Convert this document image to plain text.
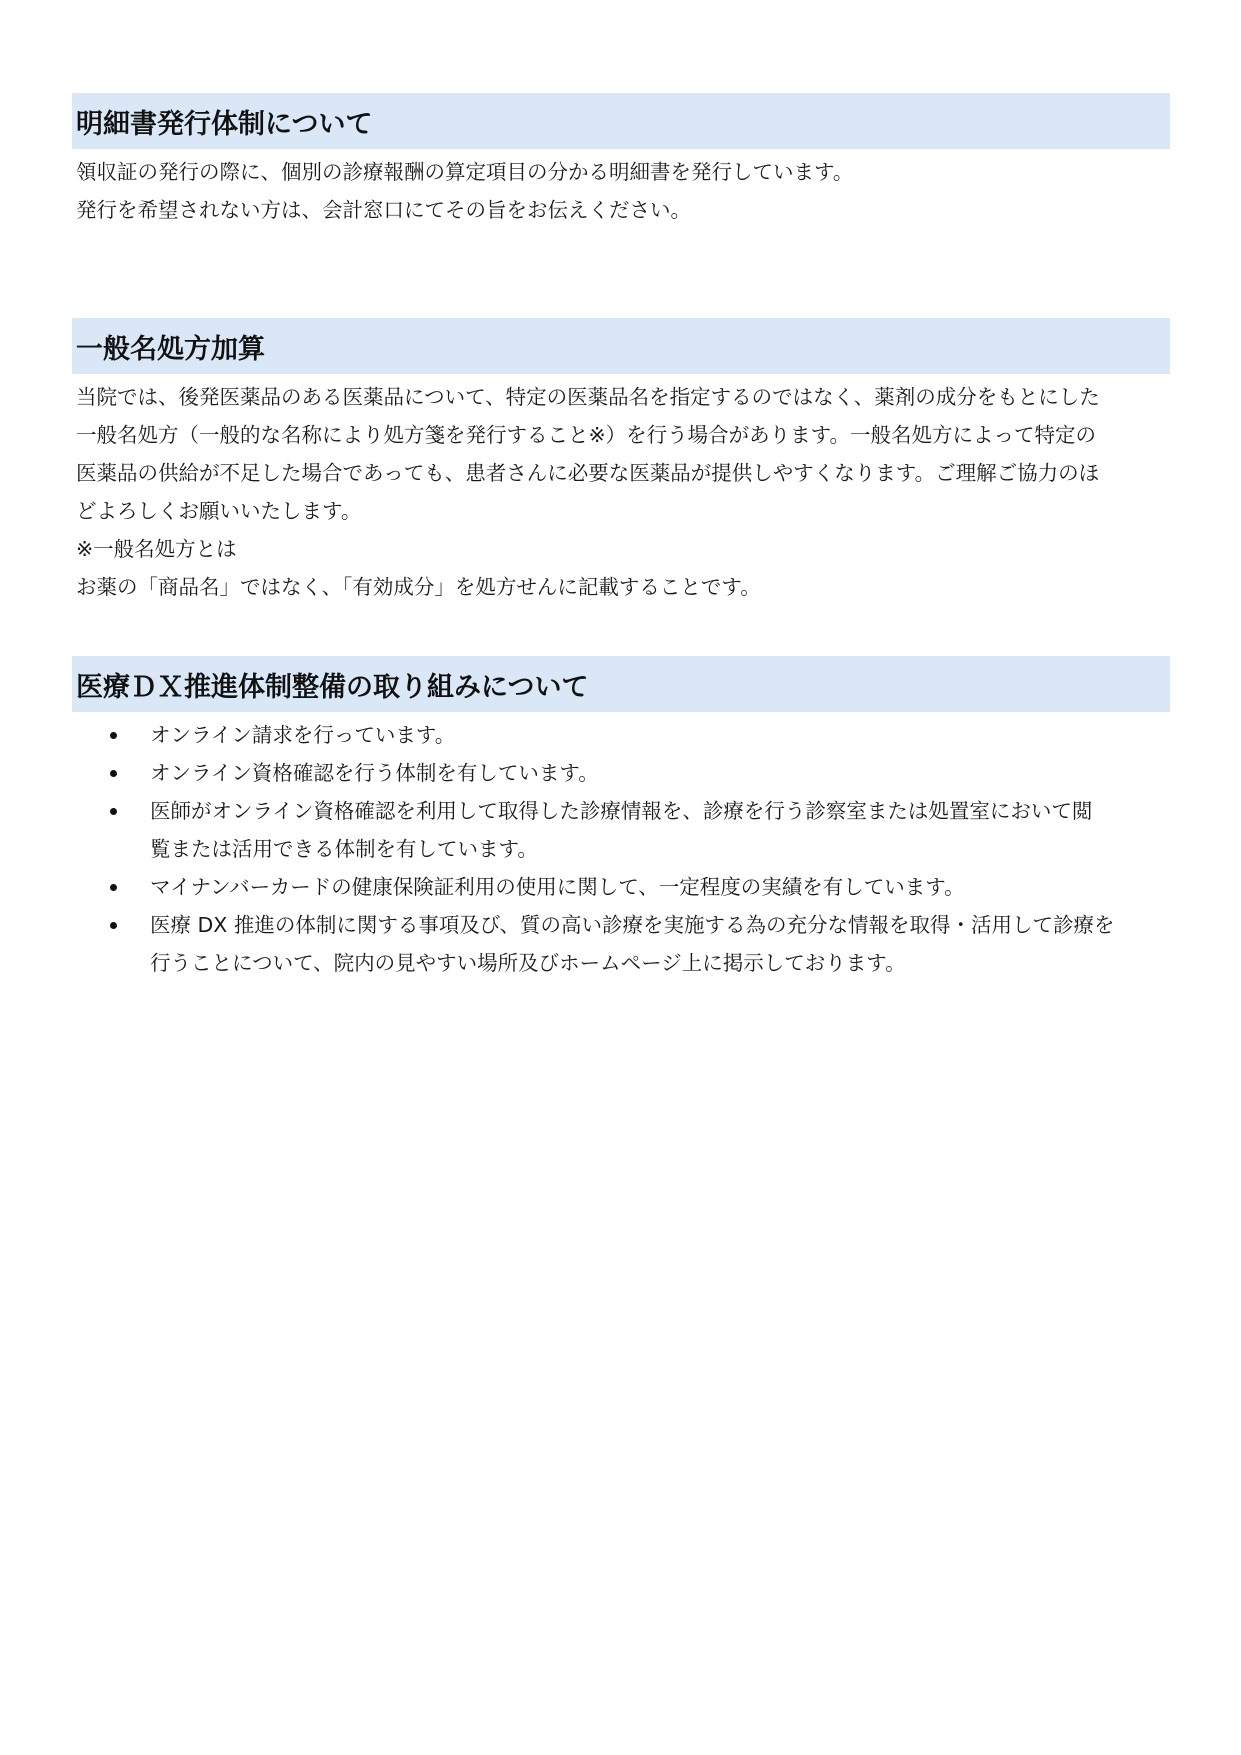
明細書発行体制について

領収証の発行の際に、個別の診療報酬の算定項目の分かる明細書を発行しています。

発行を希望されない方は、会計窓口にてその旨をお伝えください。

一般名処方加算

当院では、後発医薬品のある医薬品について、特定の医薬品名を指定するのではなく、薬剤の成分をもとにした

一般名処方（一般的な名称により処方箋を発行すること※）を行う場合があります。一般名処方によって特定の

医薬品の供給が不足した場合であっても、患者さんに必要な医薬品が提供しやすくなります。ご理解ご協力のほ

どよろしくお願いいたします。

※一般名処方とは

お薬の「商品名」ではなく、「有効成分」を処方せんに記載することです。

医療ＤＸ推進体制整備の取り組みについて
オンライン請求を行っています。
オンライン資格確認を行う体制を有しています。
医師がオンライン資格確認を利用して取得した診療情報を、診療を行う診察室または処置室において閲
覧または活用できる体制を有しています。
マイナンバーカードの健康保険証利用の使用に関して、一定程度の実績を有しています。
医療 DX 推進の体制に関する事項及び、質の高い診療を実施する為の充分な情報を取得・活用して診療を
行うことについて、院内の見やすい場所及びホームページ上に掲示しております。
